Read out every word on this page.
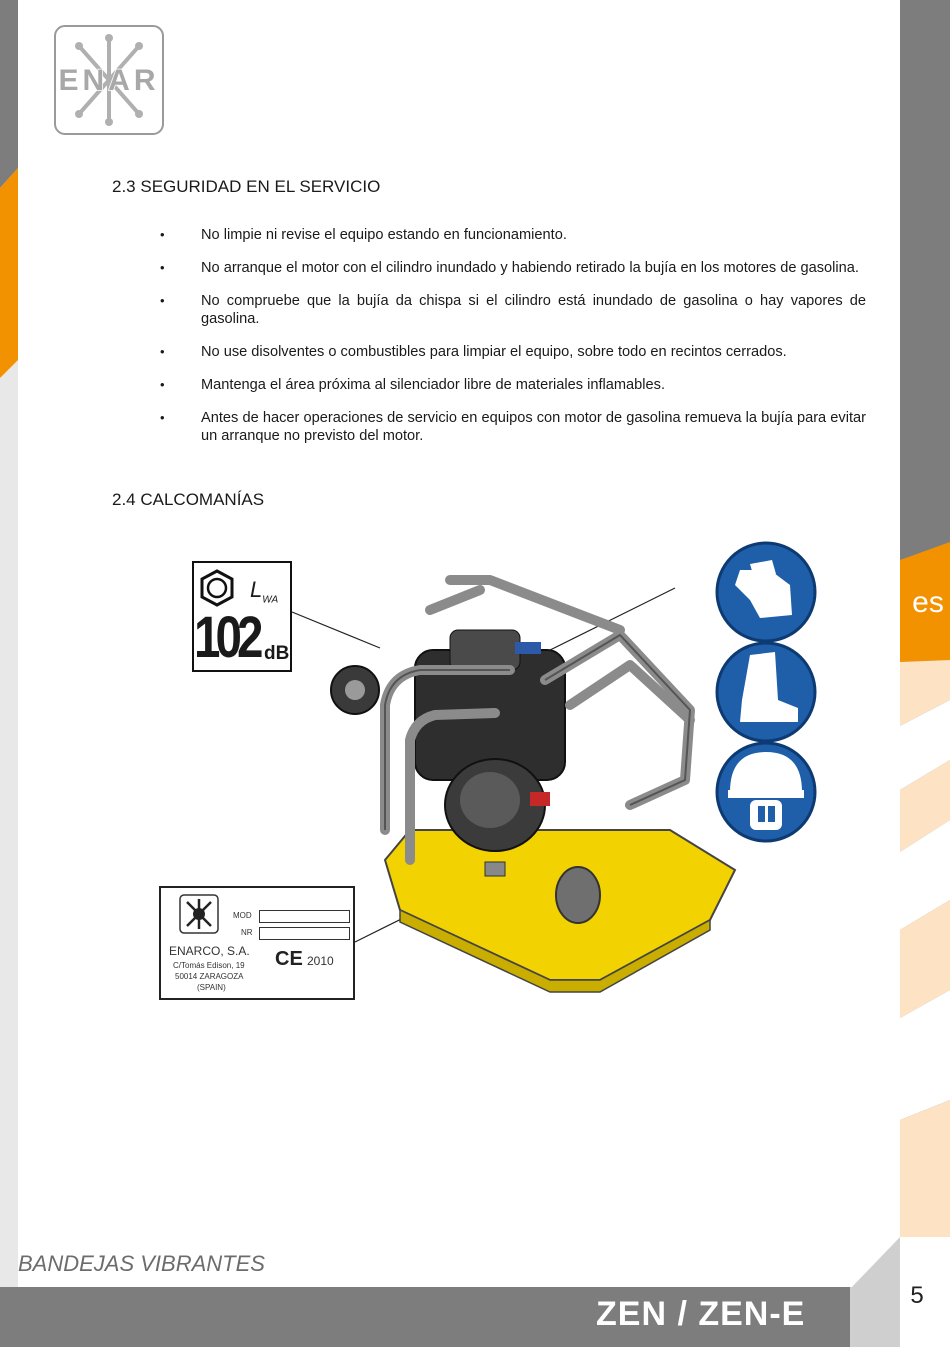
es
ENAR
2.3 SEGURIDAD EN EL SERVICIO
• No limpie ni revise el equipo estando en funcionamiento.
• No arranque el motor con el cilindro inundado y habiendo retirado la bujía en los motores de gasolina.
• No compruebe que la bujía da chispa si el cilindro está inundado de gasolina o hay vapores de gasolina.
• No use disolventes o combustibles para limpiar el equipo, sobre todo en recintos cerrados.
• Mantenga el área próxima al silenciador libre de materiales inflamables.
• Antes de hacer operaciones de servicio en equipos con motor de gasolina remueva la bujía para evitar un arranque no previsto del motor.
2.4 CALCOMANÍAS
$L_{WA}$
102 dB
MOD
NR
ENARCO, S.A.
C/Tomás Edison, 19
50014 ZARAGOZA
(SPAIN)
CE 2010
BANDEJAS VIBRANTES
ZEN / ZEN-E	5
